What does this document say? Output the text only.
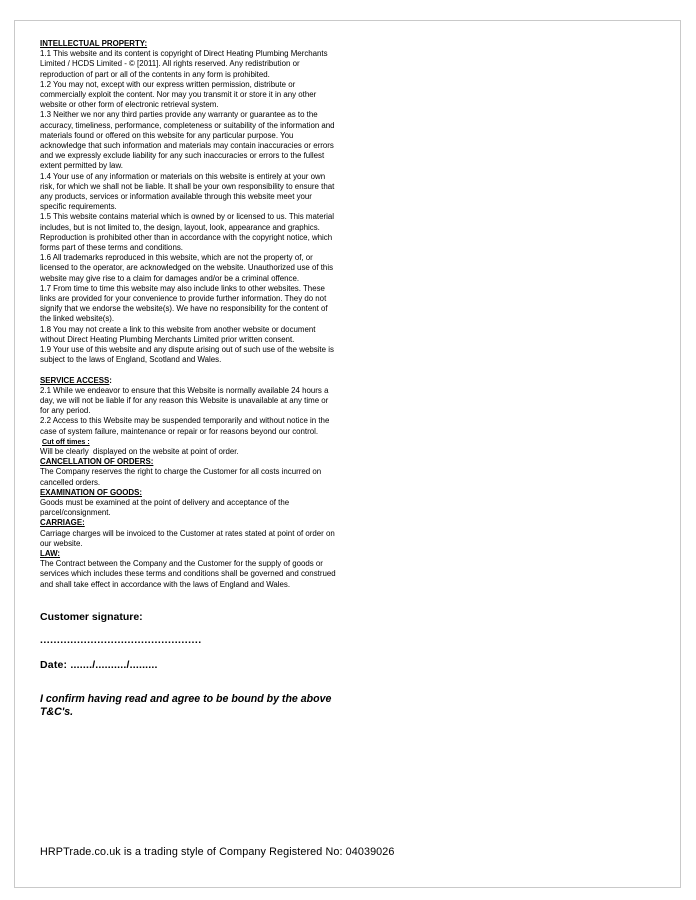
INTELLECTUAL PROPERTY:

1.1 This website and its content is copyright of Direct Heating Plumbing Merchants Limited / HCDS Limited - © [2011]. All rights reserved. Any redistribution or reproduction of part or all of the contents in any form is prohibited.

1.2 You may not, except with our express written permission, distribute or commercially exploit the content. Nor may you transmit it or store it in any other website or other form of electronic retrieval system.

1.3 Neither we nor any third parties provide any warranty or guarantee as to the accuracy, timeliness, performance, completeness or suitability of the information and materials found or offered on this website for any particular purpose. You acknowledge that such information and materials may contain inaccuracies or errors and we expressly exclude liability for any such inaccuracies or errors to the fullest extent permitted by law.

1.4 Your use of any information or materials on this website is entirely at your own risk, for which we shall not be liable. It shall be your own responsibility to ensure that any products, services or information available through this website meet your specific requirements.

1.5 This website contains material which is owned by or licensed to us. This material includes, but is not limited to, the design, layout, look, appearance and graphics. Reproduction is prohibited other than in accordance with the copyright notice, which forms part of these terms and conditions.

1.6 All trademarks reproduced in this website, which are not the property of, or licensed to the operator, are acknowledged on the website. Unauthorized use of this website may give rise to a claim for damages and/or be a criminal offence.

1.7 From time to time this website may also include links to other websites. These links are provided for your convenience to provide further information. They do not signify that we endorse the website(s). We have no responsibility for the content of the linked website(s).

1.8 You may not create a link to this website from another website or document without Direct Heating Plumbing Merchants Limited prior written consent.

1.9 Your use of this website and any dispute arising out of such use of the website is subject to the laws of England, Scotland and Wales.

SERVICE ACCESS:

2.1 While we endeavor to ensure that this Website is normally available 24 hours a day, we will not be liable if for any reason this Website is unavailable at any time or for any period.

2.2 Access to this Website may be suspended temporarily and without notice in the case of system failure, maintenance or repair or for reasons beyond our control.

Cut off times :

Will be clearly  displayed on the website at point of order.

CANCELLATION OF ORDERS:

The Company reserves the right to charge the Customer for all costs incurred on cancelled orders.

EXAMINATION OF GOODS:

Goods must be examined at the point of delivery and acceptance of the parcel/consignment.

CARRIAGE:

Carriage charges will be invoiced to the Customer at rates stated at point of order on our website.

LAW:

The Contract between the Company and the Customer for the supply of goods or services which includes these terms and conditions shall be governed and construed and shall take effect in accordance with the laws of England and Wales.

Customer signature:
................................................
Date: ......./........../.........
I confirm having read and agree to be bound by the above T&C's.
HRPTrade.co.uk is a trading style of Company Registered No: 04039026
